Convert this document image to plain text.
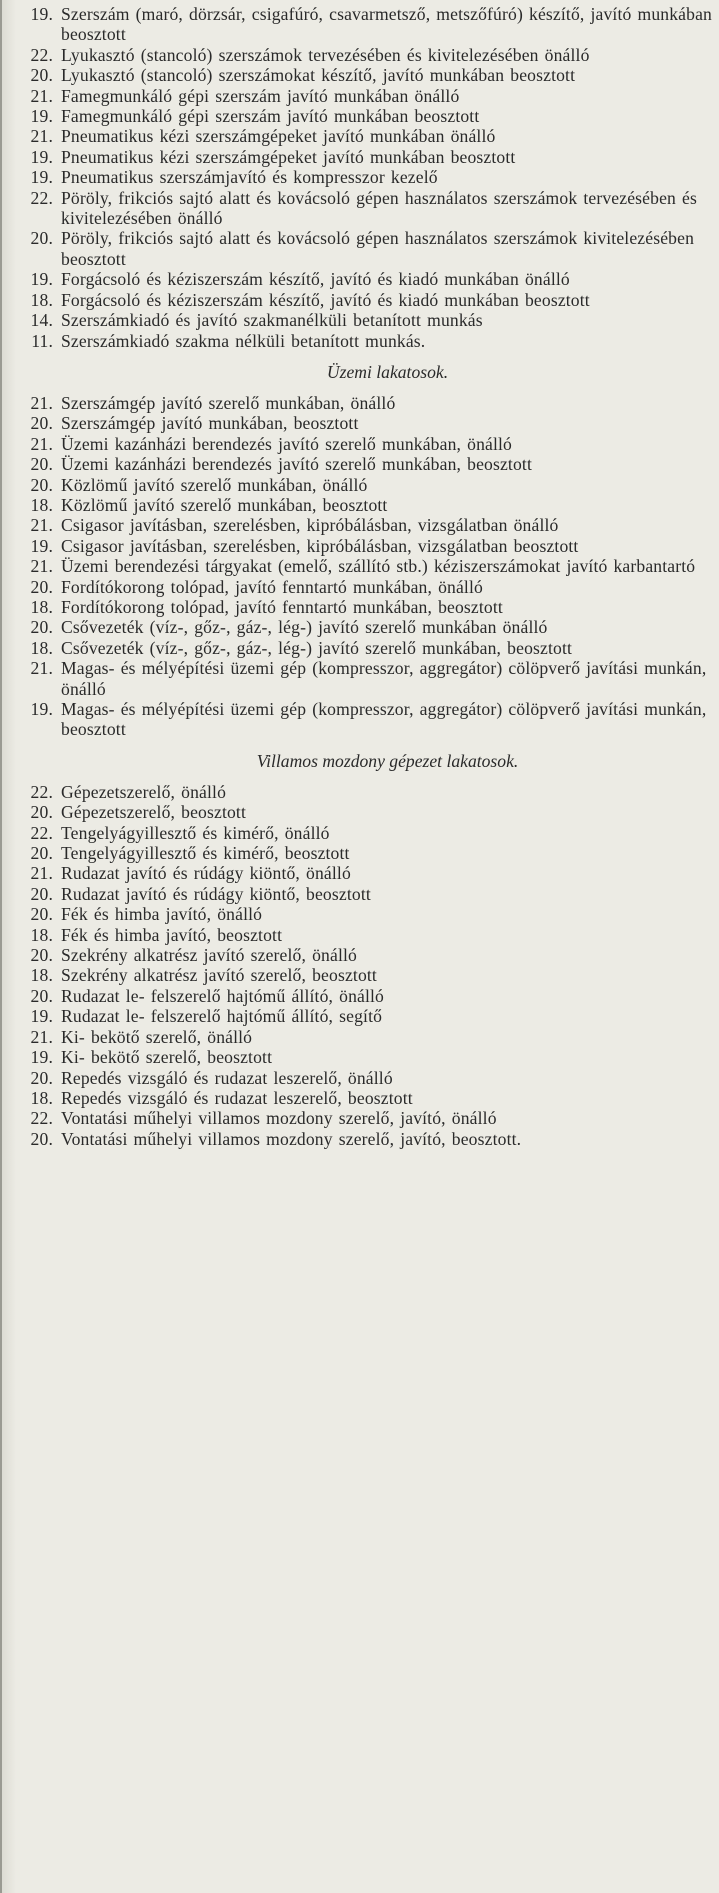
19. Szerszám (maró, dörzsár, csigafúró, csavarmetsző, metszőfúró) készítő, javító munkában beosztott
22. Lyukasztó (stancoló) szerszámok tervezésében és kivitelezésében önálló
20. Lyukasztó (stancoló) szerszámokat készítő, javító munkában beosztott
21. Famegmunkáló gépi szerszám javító munkában önálló
19. Famegmunkáló gépi szerszám javító munkában beosztott
21. Pneumatikus kézi szerszámgépeket javító munkában önálló
19. Pneumatikus kézi szerszámgépeket javító munkában beosztott
19. Pneumatikus szerszámjavító és kompresszor kezelő
22. Pöröly, frikciós sajtó alatt és kovácsoló gépen használatos szerszámok tervezésében és kivitelezésében önálló
20. Pöröly, frikciós sajtó alatt és kovácsoló gépen használatos szerszámok kivitelezésében beosztott
19. Forgácsoló és kéziszerszám készítő, javító és kiadó munkában önálló
18. Forgácsoló és kéziszerszám készítő, javító és kiadó munkában beosztott
14. Szerszámkiadó és javító szakmanélküli betanított munkás
11. Szerszámkiadó szakma nélküli betanított munkás.
Üzemi lakatosok.
21. Szerszámgép javító szerelő munkában, önálló
20. Szerszámgép javító munkában, beosztott
21. Üzemi kazánházi berendezés javító szerelő munkában, önálló
20. Üzemi kazánházi berendezés javító szerelő munkában, beosztott
20. Közlömű javító szerelő munkában, önálló
18. Közlömű javító szerelő munkában, beosztott
21. Csigasor javításban, szerelésben, kipróbálásban, vizsgálatban önálló
19. Csigasor javításban, szerelésben, kipróbálásban, vizsgálatban beosztott
21. Üzemi berendezési tárgyakat (emelő, szállító stb.) kéziszerszámokat javító karbantartó
20. Fordítókorong tolópad, javító fenntartó munkában, önálló
18. Fordítókorong tolópad, javító fenntartó munkában, beosztott
20. Csővezeték (víz-, gőz-, gáz-, lég-) javító szerelő munkában önálló
18. Csővezeték (víz-, gőz-, gáz-, lég-) javító szerelő munkában, beosztott
21. Magas- és mélyépítési üzemi gép (kompresszor, aggregátor) cölöpverő javítási munkán, önálló
19. Magas- és mélyépítési üzemi gép (kompresszor, aggregátor) cölöpverő javítási munkán, beosztott
Villamos mozdony gépezet lakatosok.
22. Gépezetszerelő, önálló
20. Gépezetszerelő, beosztott
22. Tengelyágyillesztő és kimérő, önálló
20. Tengelyágyillesztő és kimérő, beosztott
21. Rudazat javító és rúdágy kiöntő, önálló
20. Rudazat javító és rúdágy kiöntő, beosztott
20. Fék és himba javító, önálló
18. Fék és himba javító, beosztott
20. Szekrény alkatrész javító szerelő, önálló
18. Szekrény alkatrész javító szerelő, beosztott
20. Rudazat le- felszerelő hajtómű állító, önálló
19. Rudazat le- felszerelő hajtómű állító, segítő
21. Ki- bekötő szerelő, önálló
19. Ki- bekötő szerelő, beosztott
20. Repedés vizsgáló és rudazat leszerelő, önálló
18. Repedés vizsgáló és rudazat leszerelő, beosztott
22. Vontatási műhelyi villamos mozdony szerelő, javító, önálló
20. Vontatási műhelyi villamos mozdony szerelő, javító, beosztott.
